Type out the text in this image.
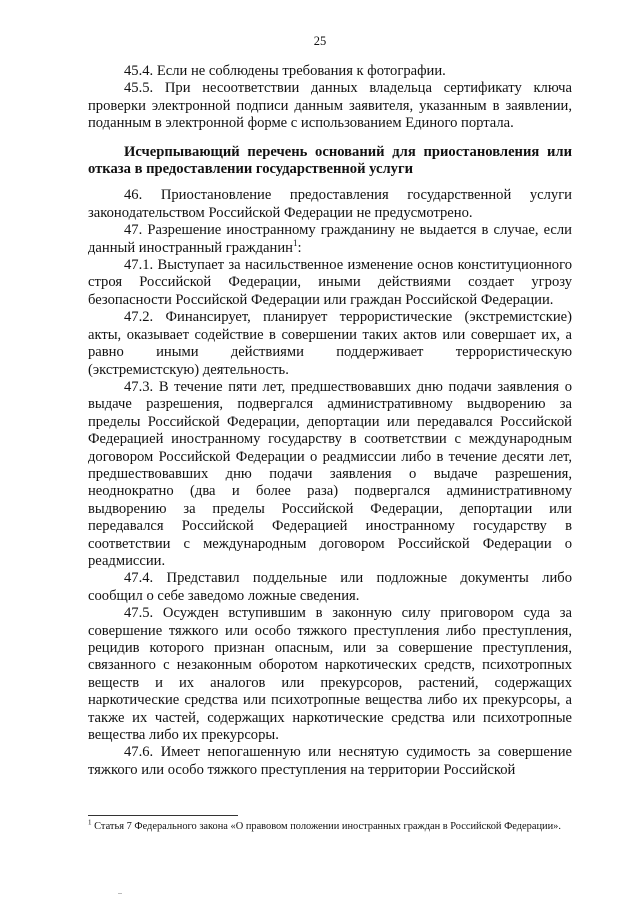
25

45.4. Если не соблюдены требования к фотографии.

45.5. При несоответствии данных владельца сертификату ключа проверки электронной подписи данным заявителя, указанным в заявлении, поданным в электронной форме с использованием Единого портала.

Исчерпывающий перечень оснований для приостановления или отказа в предоставлении государственной услуги

46. Приостановление предоставления государственной услуги законодательством Российской Федерации не предусмотрено.

47. Разрешение иностранному гражданину не выдается в случае, если данный иностранный гражданин$^1$:

47.1. Выступает за насильственное изменение основ конституционного строя Российской Федерации, иными действиями создает угрозу безопасности Российской Федерации или граждан Российской Федерации.

47.2. Финансирует, планирует террористические (экстремистские) акты, оказывает содействие в совершении таких актов или совершает их, а равно иными действиями поддерживает террористическую (экстремистскую) деятельность.

47.3. В течение пяти лет, предшествовавших дню подачи заявления о выдаче разрешения, подвергался административному выдворению за пределы Российской Федерации, депортации или передавался Российской Федерацией иностранному государству в соответствии с международным договором Российской Федерации о реадмиссии либо в течение десяти лет, предшествовавших дню подачи заявления о выдаче разрешения, неоднократно (два и более раза) подвергался административному выдворению за пределы Российской Федерации, депортации или передавался Российской Федерацией иностранному государству в соответствии с международным договором Российской Федерации о реадмиссии.

47.4. Представил поддельные или подложные документы либо сообщил о себе заведомо ложные сведения.

47.5. Осужден вступившим в законную силу приговором суда за совершение тяжкого или особо тяжкого преступления либо преступления, рецидив которого признан опасным, или за совершение преступления, связанного с незаконным оборотом наркотических средств, психотропных веществ и их аналогов или прекурсоров, растений, содержащих наркотические средства или психотропные вещества либо их прекурсоры, а также их частей, содержащих наркотические средства или психотропные вещества либо их прекурсоры.

47.6. Имеет непогашенную или неснятую судимость за совершение тяжкого или особо тяжкого преступления на территории Российской

$^1$ Статья 7 Федерального закона «О правовом положении иностранных граждан в Российской Федерации».
